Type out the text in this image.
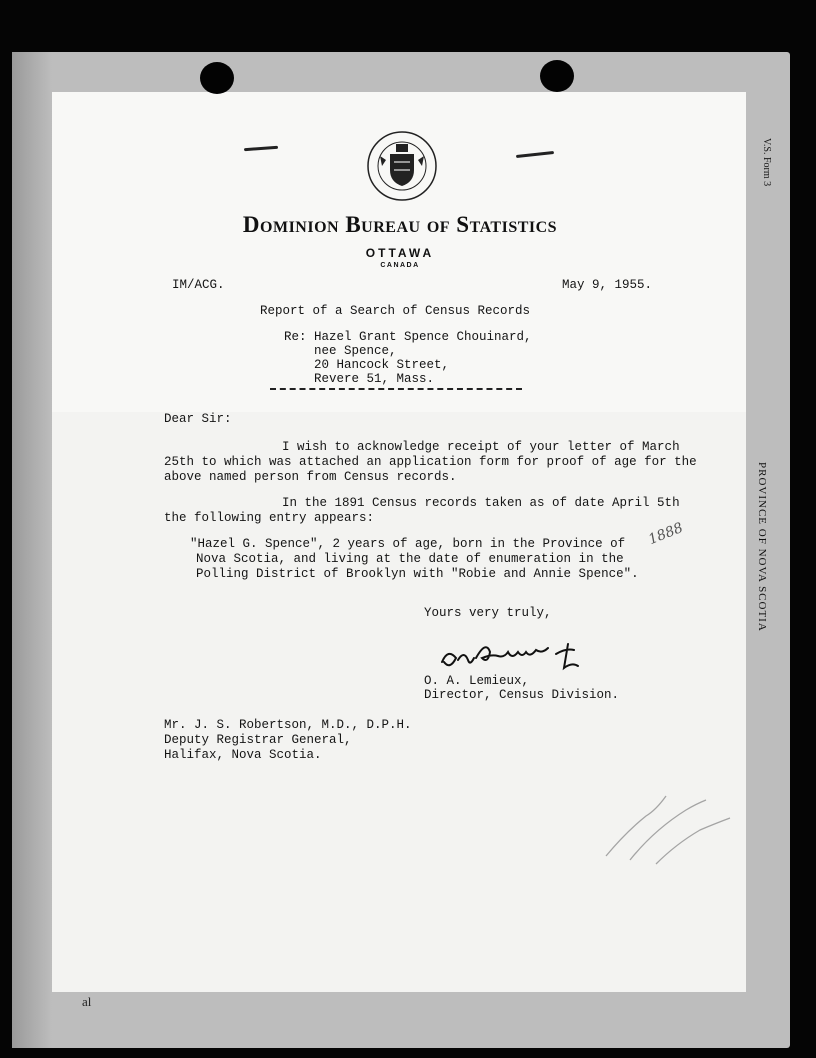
V.S. Form 3
PROVINCE OF NOVA SCOTIA
al
Dominion Bureau of Statistics
OTTAWA
CANADA
IM/ACG.	May 9, 1955.
Report of a Search of Census Records
Re: Hazel Grant Spence Chouinard,
nee Spence,
20 Hancock Street,
Revere 51, Mass.
Dear Sir:
I wish to acknowledge receipt of your letter of March
25th to which was attached an application form for proof of age for the
above named person from Census records.
In the 1891 Census records taken as of date April 5th
the following entry appears:
"Hazel G. Spence", 2 years of age, born in the Province of
Nova Scotia, and living at the date of enumeration in the
Polling District of Brooklyn with "Robie and Annie Spence".
1888
Yours very truly,
O. A. Lemieux,
Director, Census Division.
Mr. J. S. Robertson, M.D., D.P.H.
Deputy Registrar General,
Halifax, Nova Scotia.
